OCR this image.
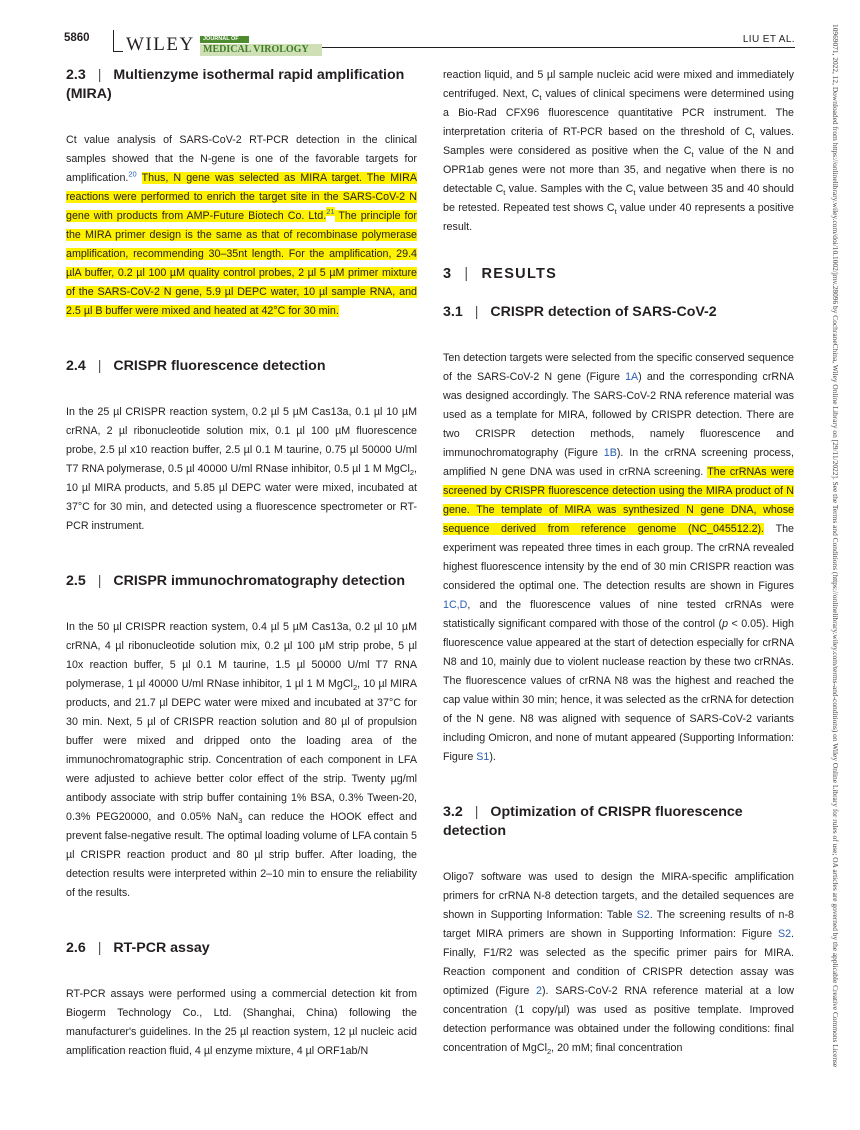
5860 WILEY	JOURNAL OF
MEDICAL VIROLOGY
LIU ET AL.	10969071, 2022, 12, Downloaded from https://onlinelibrary.wiley.com/doi/10.1002/jmv.28096 by CochraneChina, Wiley Online Library on [29/11/2022]. See the Terms and Conditions (https://onlinelibrary.wiley.com/terms-and-conditions) on Wiley Online Library for rules of use; OA articles are governed by the applicable Creative Commons License
2.3 | Multienzyme isothermal rapid amplification (MIRA)

Ct value analysis of SARS-CoV-2 RT-PCR detection in the clinical samples showed that the N-gene is one of the favorable targets for amplification.$^{20}$ Thus, N gene was selected as MIRA target. The MIRA reactions were performed to enrich the target site in the SARS-CoV-2 N gene with products from AMP-Future Biotech Co. Ltd.$^{21}$ The principle for the MIRA primer design is the same as that of recombinase polymerase amplification, recommending 30–35nt length. For the amplification, 29.4 µlA buffer, 0.2 µl 100 µM quality control probes, 2 µl 5 µM primer mixture of the SARS-CoV-2 N gene, 5.9 µl DEPC water, 10 µl sample RNA, and 2.5 µl B buffer were mixed and heated at 42°C for 30 min.

2.4 | CRISPR fluorescence detection

In the 25 µl CRISPR reaction system, 0.2 µl 5 µM Cas13a, 0.1 µl 10 µM crRNA, 2 µl ribonucleotide solution mix, 0.1 µl 100 µM fluorescence probe, 2.5 µl x10 reaction buffer, 2.5 µl 0.1 M taurine, 0.75 µl 50000 U/ml T7 RNA polymerase, 0.5 µl 40000 U/ml RNase inhibitor, 0.5 µl 1 M MgCl$_2$, 10 µl MIRA products, and 5.85 µl DEPC water were mixed, incubated at 37°C for 30 min, and detected using a fluorescence spectrometer or RT-PCR instrument.

2.5 | CRISPR immunochromatography detection

In the 50 µl CRISPR reaction system, 0.4 µl 5 µM Cas13a, 0.2 µl 10 µM crRNA, 4 µl ribonucleotide solution mix, 0.2 µl 100 µM strip probe, 5 µl 10x reaction buffer, 5 µl 0.1 M taurine, 1.5 µl 50000 U/ml T7 RNA polymerase, 1 µl 40000 U/ml RNase inhibitor, 1 µl 1 M MgCl$_2$, 10 µl MIRA products, and 21.7 µl DEPC water were mixed and incubated at 37°C for 30 min. Next, 5 µl of CRISPR reaction solution and 80 µl of propulsion buffer were mixed and dripped onto the loading area of the immunochromatographic strip. Concentration of each component in LFA were adjusted to achieve better color effect of the strip. Twenty µg/ml antibody associate with strip buffer containing 1% BSA, 0.3% Tween-20, 0.3% PEG20000, and 0.05% NaN$_3$ can reduce the HOOK effect and prevent false-negative result. The optimal loading volume of LFA contain 5 µl CRISPR reaction product and 80 µl strip buffer. After loading, the detection results were interpreted within 2–10 min to ensure the reliability of the results.

2.6 | RT-PCR assay

RT-PCR assays were performed using a commercial detection kit from Biogerm Technology Co., Ltd. (Shanghai, China) following the manufacturer's guidelines. In the 25 µl reaction system, 12 µl nucleic acid amplification reaction fluid, 4 µl enzyme mixture, 4 µl ORF1ab/N

reaction liquid, and 5 µl sample nucleic acid were mixed and immediately centrifuged. Next, $C_t$ values of clinical specimens were determined using a Bio-Rad CFX96 fluorescence quantitative PCR instrument. The interpretation criteria of RT-PCR based on the threshold of $C_t$ values. Samples were considered as positive when the $C_t$ value of the N and OPR1ab genes were not more than 35, and negative when there is no detectable $C_t$ value. Samples with the $C_t$ value between 35 and 40 should be retested. Repeated test shows $C_t$ value under 40 represents a positive result.

3 | RESULTS
3.1 | CRISPR detection of SARS-CoV-2

Ten detection targets were selected from the specific conserved sequence of the SARS-CoV-2 N gene (Figure 1A) and the corresponding crRNA was designed accordingly. The SARS-CoV-2 RNA reference material was used as a template for MIRA, followed by CRISPR detection. There are two CRISPR detection methods, namely fluorescence and immunochromatography (Figure 1B). In the crRNA screening process, amplified N gene DNA was used in crRNA screening. The crRNAs were screened by CRISPR fluorescence detection using the MIRA product of N gene. The template of MIRA was synthesized N gene DNA, whose sequence derived from reference genome (NC_045512.2). The experiment was repeated three times in each group. The crRNA revealed highest fluorescence intensity by the end of 30 min CRISPR reaction was considered the optimal one. The detection results are shown in Figures 1C,D, and the fluorescence values of nine tested crRNAs were statistically significant compared with those of the control (p < 0.05). High fluorescence value appeared at the start of detection especially for crRNA N8 and 10, mainly due to violent nuclease reaction by these two crRNAs. The fluorescence values of crRNA N8 was the highest and reached the cap value within 30 min; hence, it was selected as the crRNA for detection of the N gene. N8 was aligned with sequence of SARS-CoV-2 variants including Omicron, and none of mutant appeared (Supporting Information: Figure S1).

3.2 | Optimization of CRISPR fluorescence detection

Oligo7 software was used to design the MIRA-specific amplification primers for crRNA N-8 detection targets, and the detailed sequences are shown in Supporting Information: Table S2. The screening results of n-8 target MIRA primers are shown in Supporting Information: Figure S2. Finally, F1/R2 was selected as the specific primer pairs for MIRA. Reaction component and condition of CRISPR detection assay was optimized (Figure 2). SARS-CoV-2 RNA reference material at a low concentration (1 copy/µl) was used as positive template. Improved detection performance was obtained under the following conditions: final concentration of MgCl$_2$, 20 mM; final concentration
